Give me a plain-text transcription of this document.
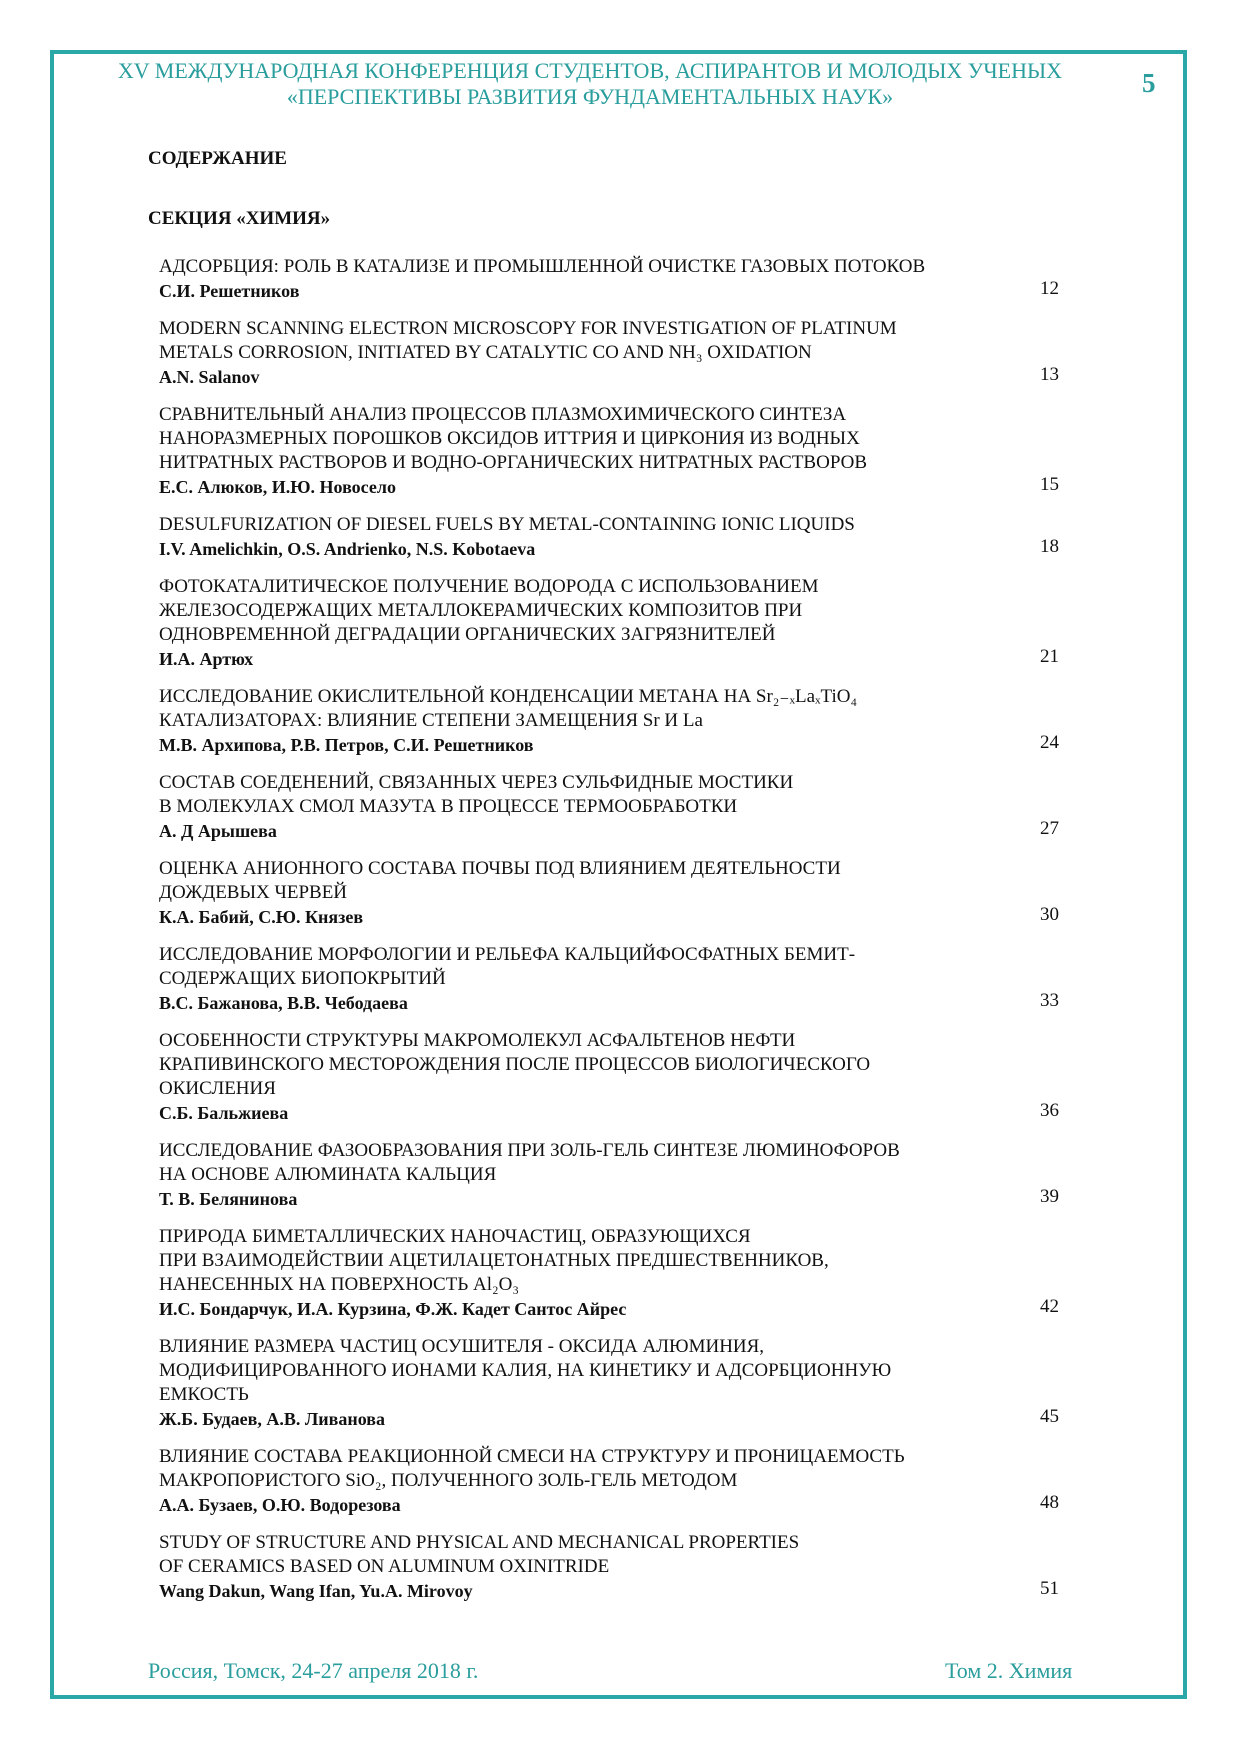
XV МЕЖДУНАРОДНАЯ КОНФЕРЕНЦИЯ СТУДЕНТОВ, АСПИРАНТОВ И МОЛОДЫХ УЧЕНЫХ
«ПЕРСПЕКТИВЫ РАЗВИТИЯ ФУНДАМЕНТАЛЬНЫХ НАУК»	5
СОДЕРЖАНИЕ
СЕКЦИЯ «ХИМИЯ»
АДСОРБЦИЯ: РОЛЬ В КАТАЛИЗЕ И ПРОМЫШЛЕННОЙ ОЧИСТКЕ ГАЗОВЫХ ПОТОКОВ
С.И. Решетников	12
MODERN SCANNING ELECTRON MICROSCOPY FOR INVESTIGATION OF PLATINUM
METALS CORROSION, INITIATED BY CATALYTIC CO AND NH₃ OXIDATION
A.N. Salanov	13
СРАВНИТЕЛЬНЫЙ АНАЛИЗ ПРОЦЕССОВ ПЛАЗМОХИМИЧЕСКОГО СИНТЕЗА
НАНОРАЗМЕРНЫХ ПОРОШКОВ ОКСИДОВ ИТТРИЯ И ЦИРКОНИЯ ИЗ ВОДНЫХ
НИТРАТНЫХ РАСТВОРОВ И ВОДНО-ОРГАНИЧЕСКИХ НИТРАТНЫХ РАСТВОРОВ
Е.С. Алюков, И.Ю. Новосело	15
DESULFURIZATION OF DIESEL FUELS BY METAL-CONTAINING IONIC LIQUIDS
I.V. Amelichkin, O.S. Andrienko, N.S. Kobotaeva	18
ФОТОКАТАЛИТИЧЕСКОЕ ПОЛУЧЕНИЕ ВОДОРОДА С ИСПОЛЬЗОВАНИЕМ
ЖЕЛЕЗОСОДЕРЖАЩИХ МЕТАЛЛОКЕРАМИЧЕСКИХ КОМПОЗИТОВ ПРИ
ОДНОВРЕМЕННОЙ ДЕГРАДАЦИИ ОРГАНИЧЕСКИХ ЗАГРЯЗНИТЕЛЕЙ
И.А. Артюх	21
ИССЛЕДОВАНИЕ ОКИСЛИТЕЛЬНОЙ КОНДЕНСАЦИИ МЕТАНА НА Sr₂₋ₓLaₓTiO₄
КАТАЛИЗАТОРАХ: ВЛИЯНИЕ СТЕПЕНИ ЗАМЕЩЕНИЯ Sr И La
М.В. Архипова, Р.В. Петров, С.И. Решетников	24
СОСТАВ СОЕДЕНЕНИЙ, СВЯЗАННЫХ ЧЕРЕЗ СУЛЬФИДНЫЕ МОСТИКИ
В МОЛЕКУЛАХ СМОЛ МАЗУТА В ПРОЦЕССЕ ТЕРМООБРАБОТКИ
А. Д Арышева	27
ОЦЕНКА АНИОННОГО СОСТАВА ПОЧВЫ ПОД ВЛИЯНИЕМ ДЕЯТЕЛЬНОСТИ
ДОЖДЕВЫХ ЧЕРВЕЙ
К.А. Бабий, С.Ю. Князев	30
ИССЛЕДОВАНИЕ МОРФОЛОГИИ И РЕЛЬЕФА КАЛЬЦИЙФОСФАТНЫХ БЕМИТ-
СОДЕРЖАЩИХ БИОПОКРЫТИЙ
В.С. Бажанова, В.В. Чебодаева	33
ОСОБЕННОСТИ СТРУКТУРЫ МАКРОМОЛЕКУЛ АСФАЛЬТЕНОВ НЕФТИ
КРАПИВИНСКОГО МЕСТОРОЖДЕНИЯ ПОСЛЕ ПРОЦЕССОВ БИОЛОГИЧЕСКОГО
ОКИСЛЕНИЯ
С.Б. Бальжиева	36
ИССЛЕДОВАНИЕ ФАЗООБРАЗОВАНИЯ ПРИ ЗОЛЬ-ГЕЛЬ СИНТЕЗЕ ЛЮМИНОФОРОВ
НА ОСНОВЕ АЛЮМИНАТА КАЛЬЦИЯ
Т. В. Белянинова	39
ПРИРОДА БИМЕТАЛЛИЧЕСКИХ НАНОЧАСТИЦ, ОБРАЗУЮЩИХСЯ
ПРИ ВЗАИМОДЕЙСТВИИ АЦЕТИЛАЦЕТОНАТНЫХ ПРЕДШЕСТВЕННИКОВ,
НАНЕСЕННЫХ НА ПОВЕРХНОСТЬ Al₂O₃
И.С. Бондарчук, И.А. Курзина, Ф.Ж. Кадет Сантос Айрес	42
ВЛИЯНИЕ РАЗМЕРА ЧАСТИЦ ОСУШИТЕЛЯ - ОКСИДА АЛЮМИНИЯ,
МОДИФИЦИРОВАННОГО ИОНАМИ КАЛИЯ, НА КИНЕТИКУ И АДСОРБЦИОННУЮ
ЕМКОСТЬ
Ж.Б. Будаев, А.В. Ливанова	45
ВЛИЯНИЕ СОСТАВА РЕАКЦИОННОЙ СМЕСИ НА СТРУКТУРУ И ПРОНИЦАЕМОСТЬ
МАКРОПОРИСТОГО SiO₂, ПОЛУЧЕННОГО ЗОЛЬ-ГЕЛЬ МЕТОДОМ
А.А. Бузаев, О.Ю. Водорезова	48
STUDY OF STRUCTURE AND PHYSICAL AND MECHANICAL PROPERTIES
OF CERAMICS BASED ON ALUMINUM OXINITRIDE
Wang Dakun, Wang Ifan, Yu.A. Mirovoy	51
Россия, Томск, 24-27 апреля 2018 г.	Том 2. Химия
